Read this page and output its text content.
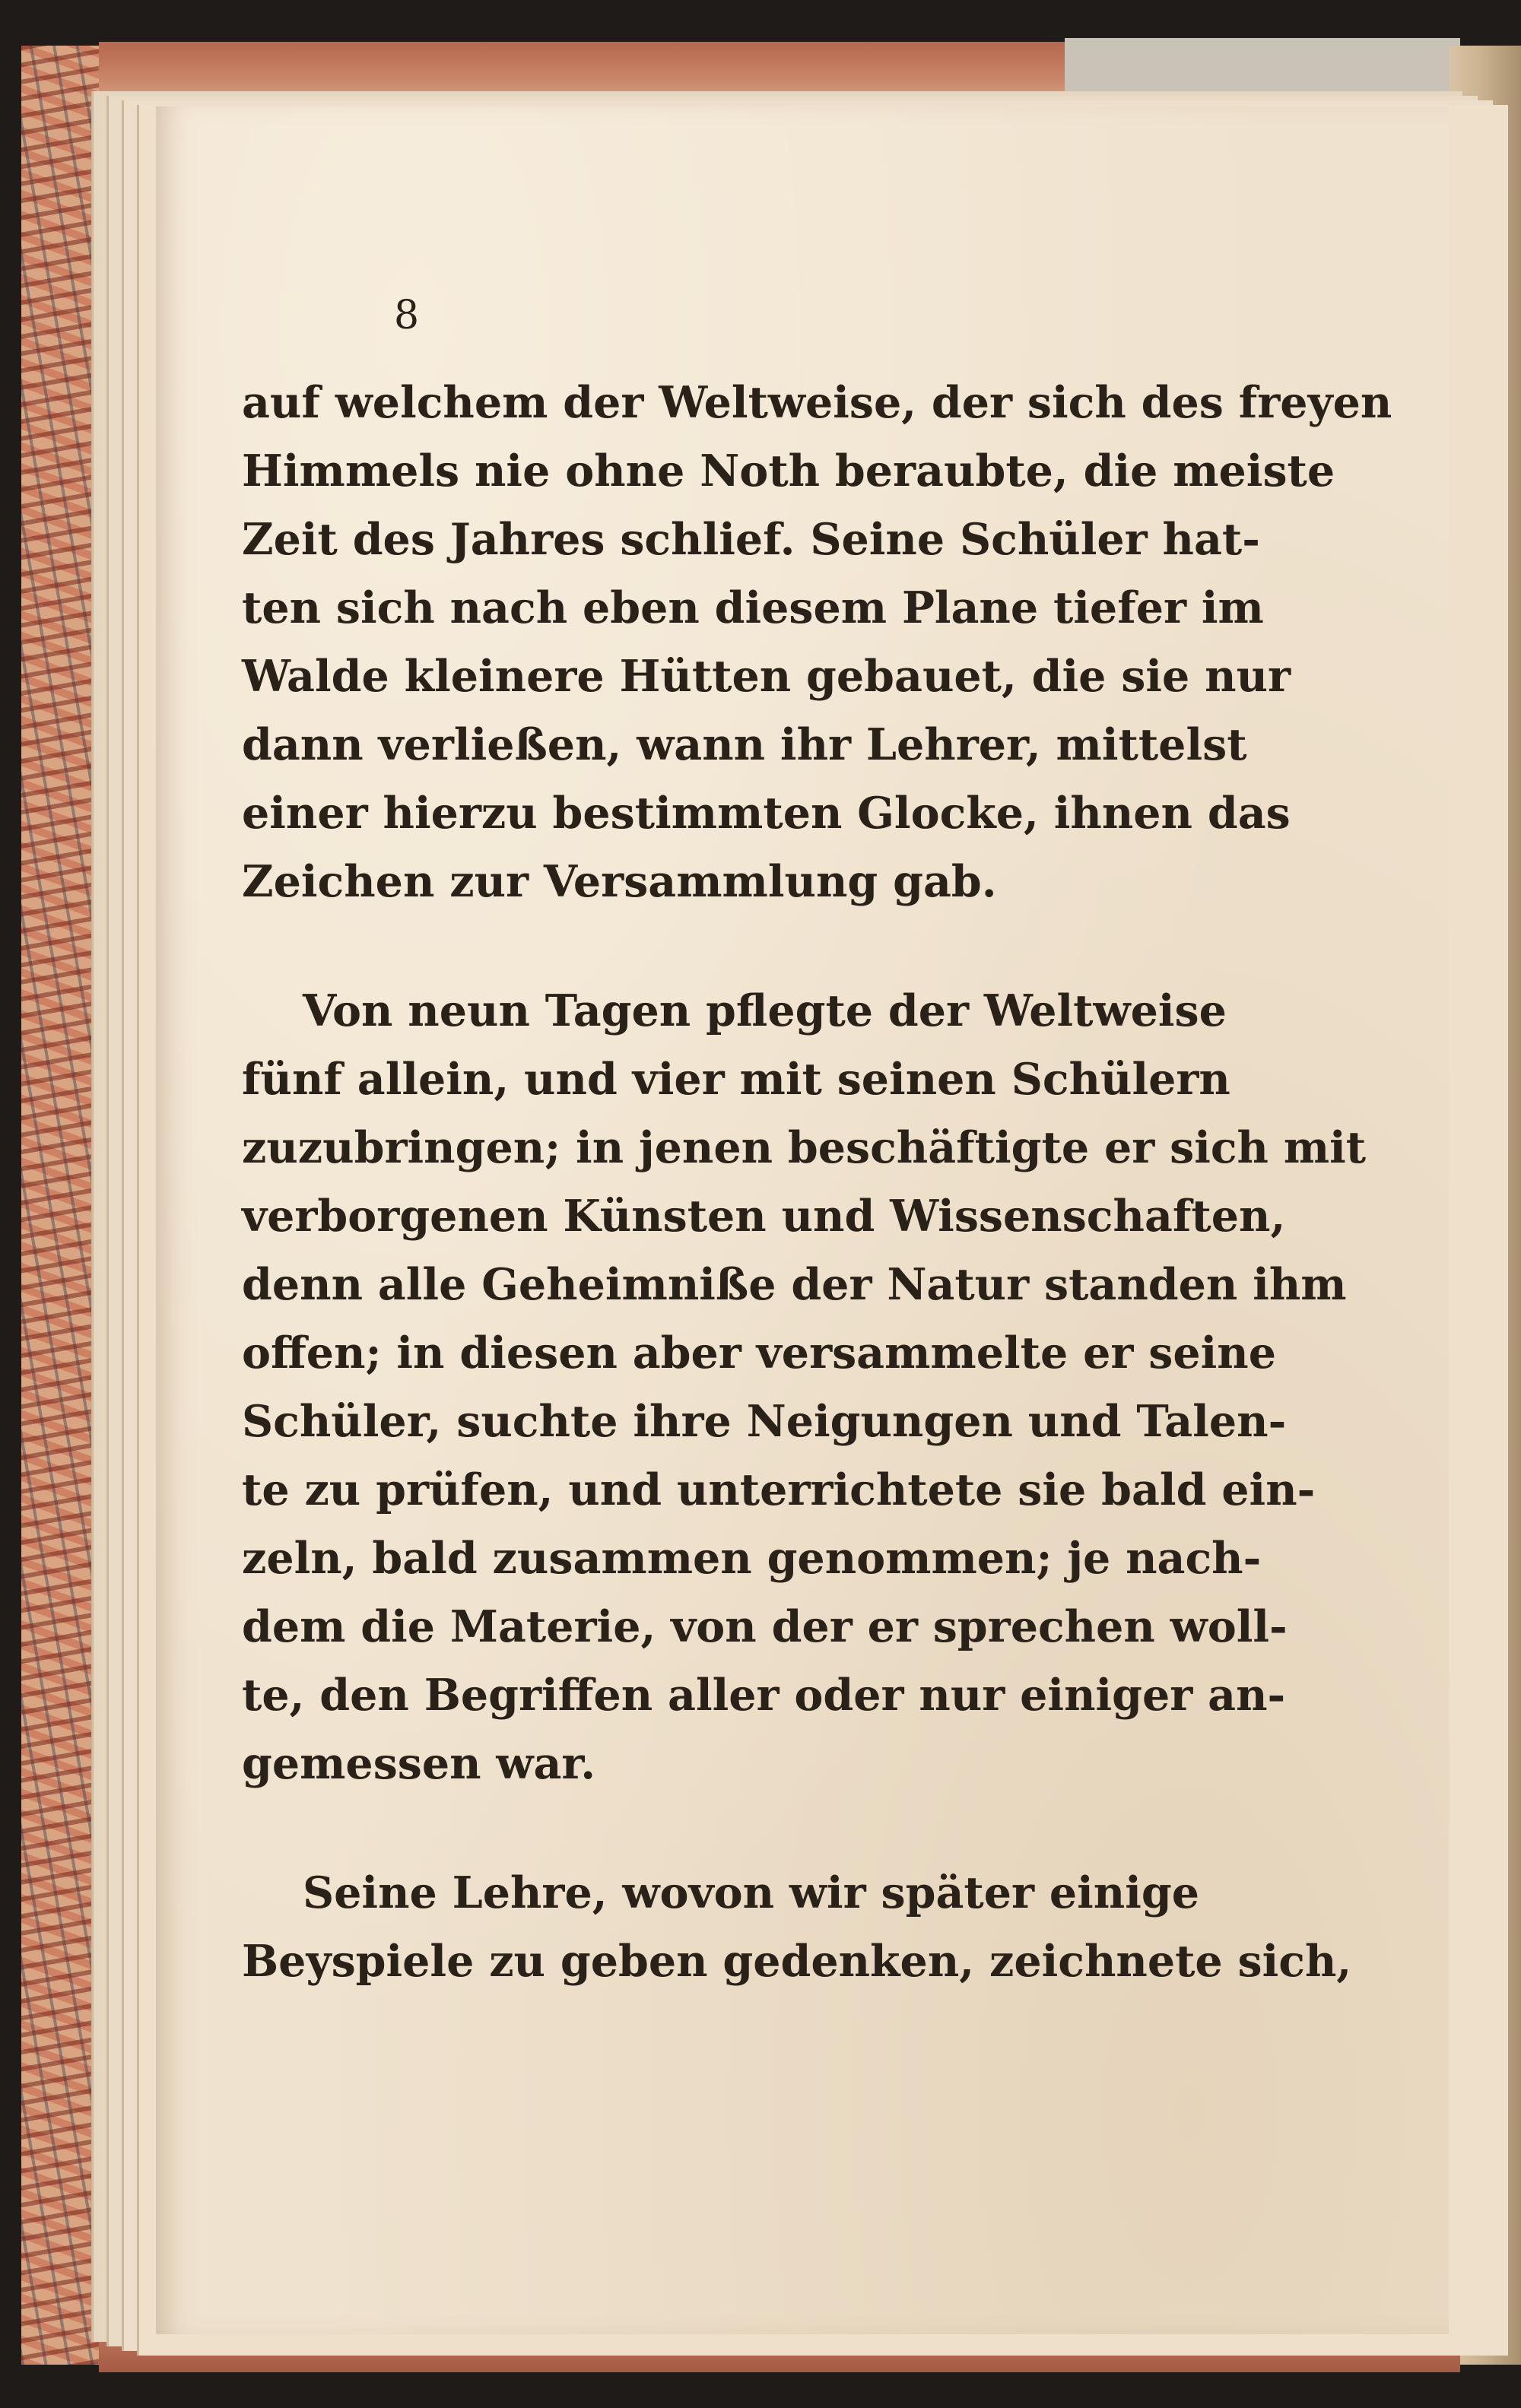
8
auf welchem der Weltweise, der sich des freyen
Himmels nie ohne Noth beraubte, die meiste
Zeit des Jahres schlief. Seine Schüler hat-
ten sich nach eben diesem Plane tiefer im
Walde kleinere Hütten gebauet, die sie nur
dann verließen, wann ihr Lehrer, mittelst
einer hierzu bestimmten Glocke, ihnen das
Zeichen zur Versammlung gab.
Von neun Tagen pflegte der Weltweise
fünf allein, und vier mit seinen Schülern
zuzubringen; in jenen beschäftigte er sich mit
verborgenen Künsten und Wissenschaften,
denn alle Geheimniße der Natur standen ihm
offen; in diesen aber versammelte er seine
Schüler, suchte ihre Neigungen und Talen-
te zu prüfen, und unterrichtete sie bald ein-
zeln, bald zusammen genommen; je nach-
dem die Materie, von der er sprechen woll-
te, den Begriffen aller oder nur einiger an-
gemessen war.
Seine Lehre, wovon wir später einige
Beyspiele zu geben gedenken, zeichnete sich,
